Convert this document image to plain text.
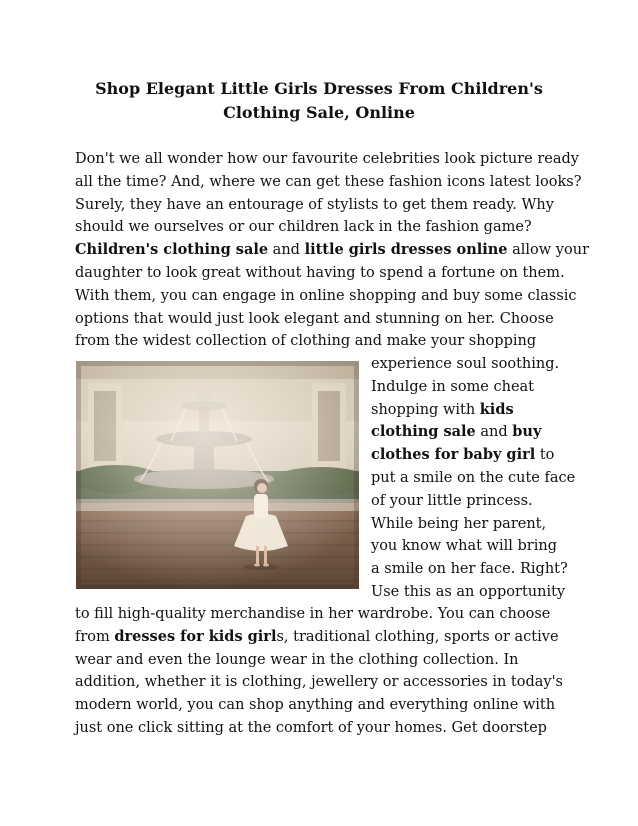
Shop Elegant Little Girls Dresses From Children's
Clothing Sale, Online

Don't we all wonder how our favourite celebrities look picture ready

all the time? And, where we can get these fashion icons latest looks?

Surely, they have an entourage of stylists to get them ready. Why

should we ourselves or our children lack in the fashion game?

Children's clothing sale and little girls dresses online allow your

daughter to look great without having to spend a fortune on them.

With them, you can engage in online shopping and buy some classic

options that would just look elegant and stunning on her. Choose

from the widest collection of clothing and make your shopping

experience soul soothing.

Indulge in some cheat

shopping with kids

clothing sale and buy

clothes for baby girl to

put a smile on the cute face

of your little princess.

While being her parent,

you know what will bring

a smile on her face. Right?

Use this as an opportunity

to fill high-quality merchandise in her wardrobe. You can choose

from dresses for kids girls, traditional clothing, sports or active

wear and even the lounge wear in the clothing collection. In

addition, whether it is clothing, jewellery or accessories in today's

modern world, you can shop anything and everything online with

just one click sitting at the comfort of your homes. Get doorstep
